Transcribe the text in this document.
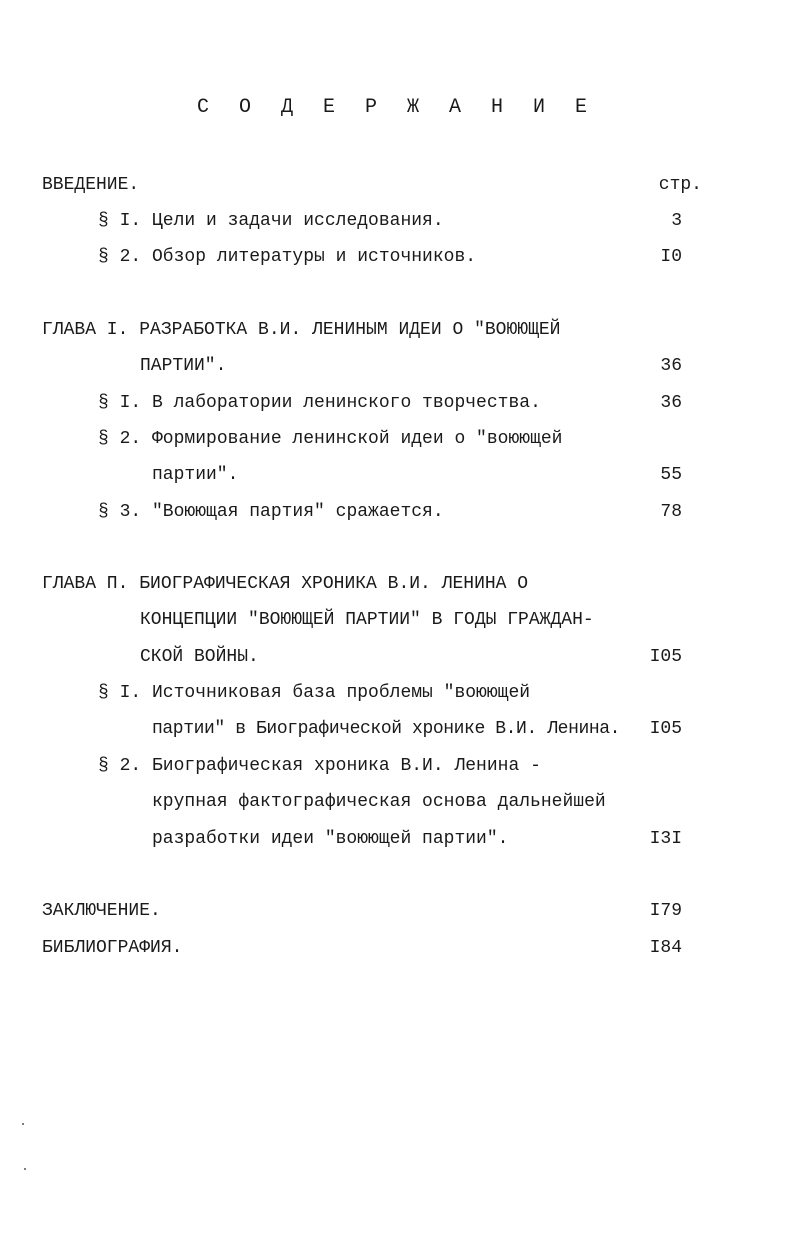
С О Д Е Р Ж А Н И Е
ВВЕДЕНИЕ.	стр.
§ I. Цели и задачи исследования.	3
§ 2. Обзор литературы и источников.	I0
ГЛАВА I. РАЗРАБОТКА В.И. ЛЕНИНЫМ ИДЕИ О "ВОЮЮЩЕЙ
ПАРТИИ".	36
§ I. В лаборатории ленинского творчества.	36
§ 2. Формирование ленинской идеи о "воюющей
партии".	55
§ 3. "Воюющая партия" сражается.	78
ГЛАВА П. БИОГРАФИЧЕСКАЯ ХРОНИКА В.И. ЛЕНИНА О
КОНЦЕПЦИИ "ВОЮЮЩЕЙ ПАРТИИ" В ГОДЫ ГРАЖДАН-
СКОЙ ВОЙНЫ.	I05
§ I. Источниковая база проблемы "воюющей
партии" в Биографической хронике В.И. Ленина.	I05
§ 2. Биографическая хроника В.И. Ленина -
крупная фактографическая основа дальнейшей
разработки идеи "воюющей партии".	I3I
ЗАКЛЮЧЕНИЕ.	I79
БИБЛИОГРАФИЯ.	I84
